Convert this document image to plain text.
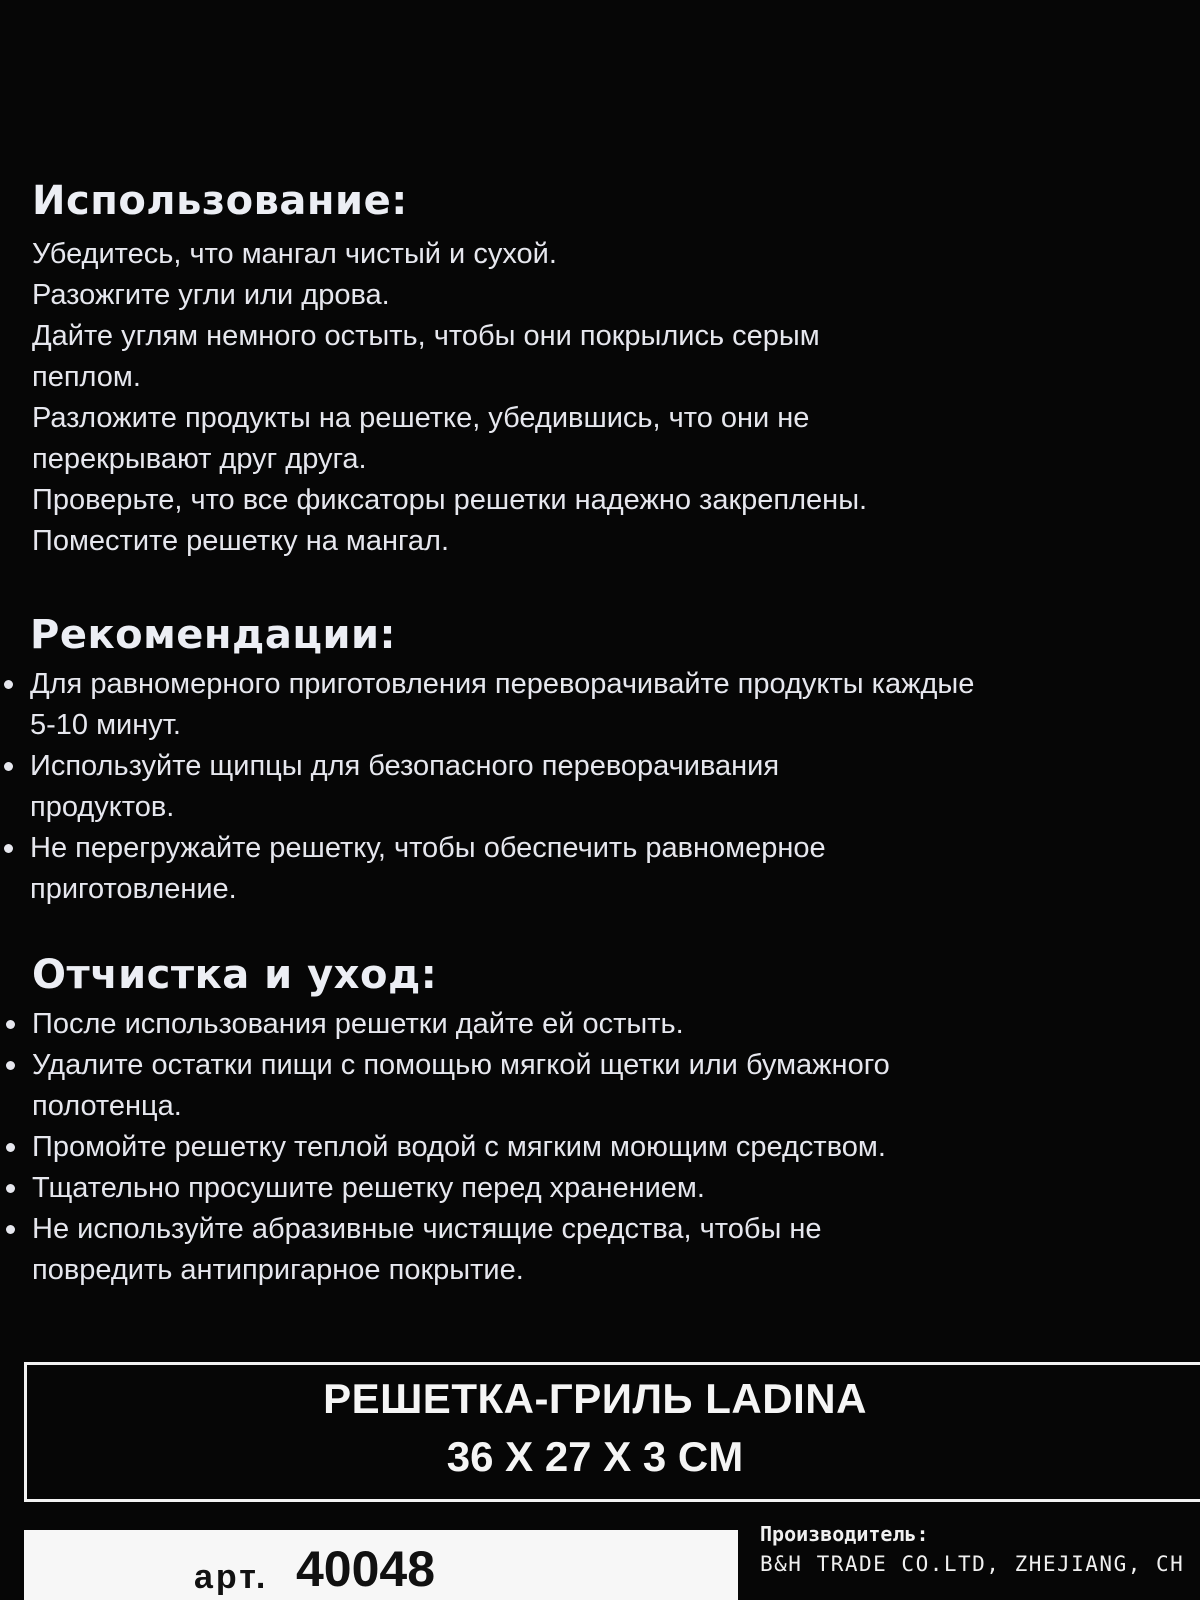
Использование:
Убедитесь, что мангал чистый и сухой.
Разожгите угли или дрова.
Дайте углям немного остыть, чтобы они покрылись серым пеплом.
Разложите продукты на решетке, убедившись, что они не перекрывают друг друга.
Проверьте, что все фиксаторы решетки надежно закреплены.
Поместите решетку на мангал.
Рекомендации:
Для равномерного приготовления переворачивайте продукты каждые 5-10 минут.
Используйте щипцы для безопасного переворачивания продуктов.
Не перегружайте решетку, чтобы обеспечить равномерное приготовление.
Отчистка и уход:
После использования решетки дайте ей остыть.
Удалите остатки пищи с помощью мягкой щетки или бумажного полотенца.
Промойте решетку теплой водой с мягким моющим средством.
Тщательно просушите решетку перед хранением.
Не используйте абразивные чистящие средства, чтобы не повредить антипригарное покрытие.
РЕШЕТКА-ГРИЛЬ LADINA
36 X 27 X 3 CM
арт. 40048
Производитель:
B&H TRADE CO.LTD, ZHEJIANG, CH
